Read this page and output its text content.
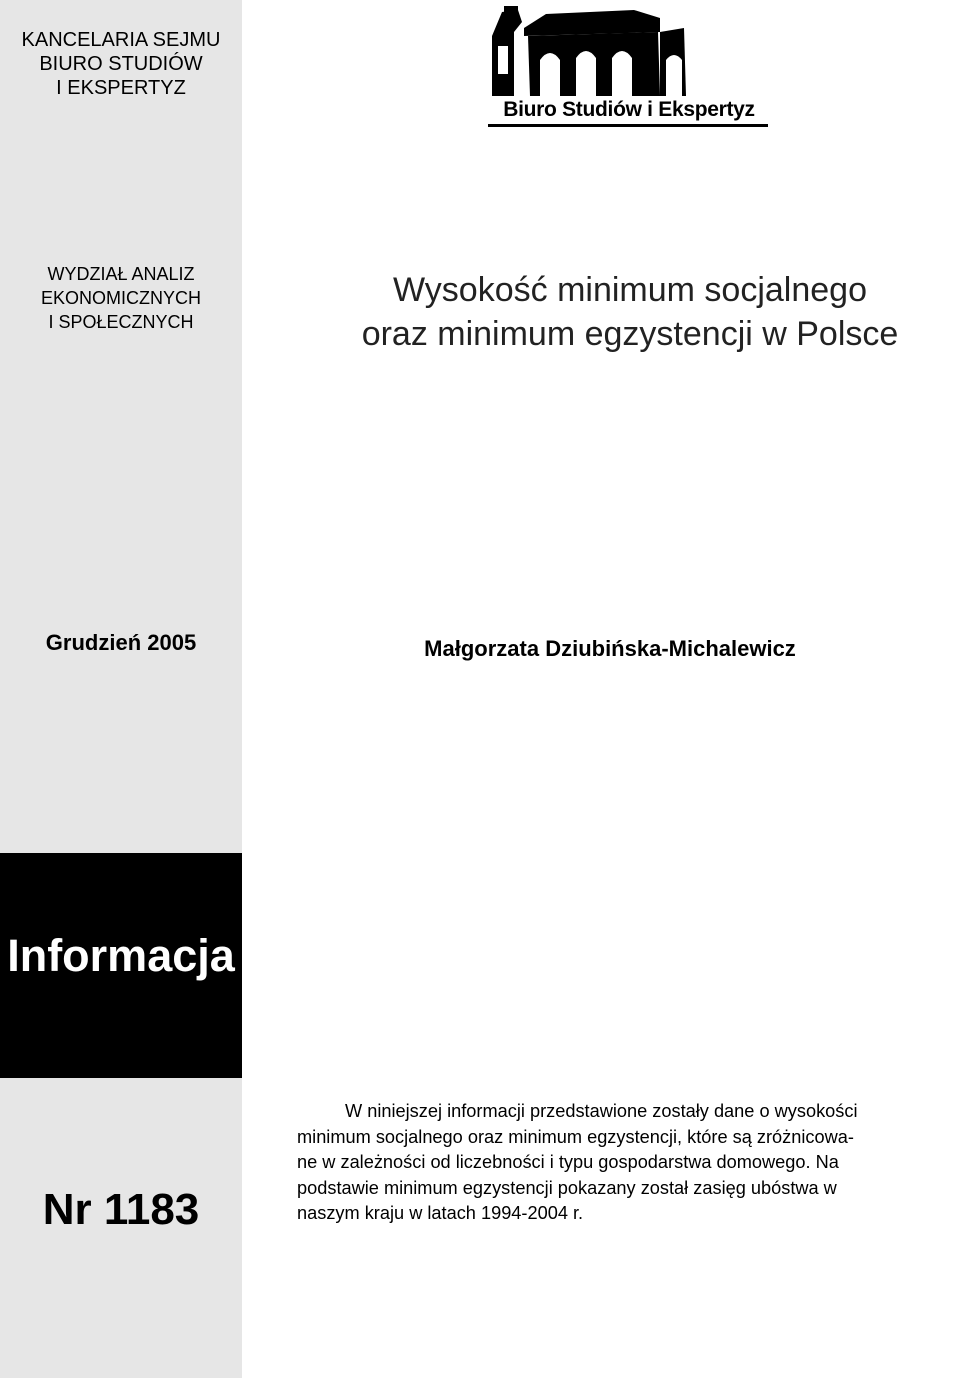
KANCELARIA SEJMU
BIURO STUDIÓW
I EKSPERTYZ
WYDZIAŁ ANALIZ
EKONOMICZNYCH
I SPOŁECZNYCH
Grudzień 2005
Informacja
Nr 1183
Biuro Studiów i Ekspertyz
Wysokość minimum socjalnego
oraz minimum egzystencji w Polsce
Małgorzata Dziubińska-Michalewicz
W niniejszej informacji przedstawione zostały dane o wysokości
minimum socjalnego oraz minimum egzystencji, które są zróżnicowa-
ne w zależności od liczebności i typu gospodarstwa domowego. Na
podstawie minimum egzystencji pokazany został zasięg ubóstwa w
naszym kraju w latach 1994-2004 r.
